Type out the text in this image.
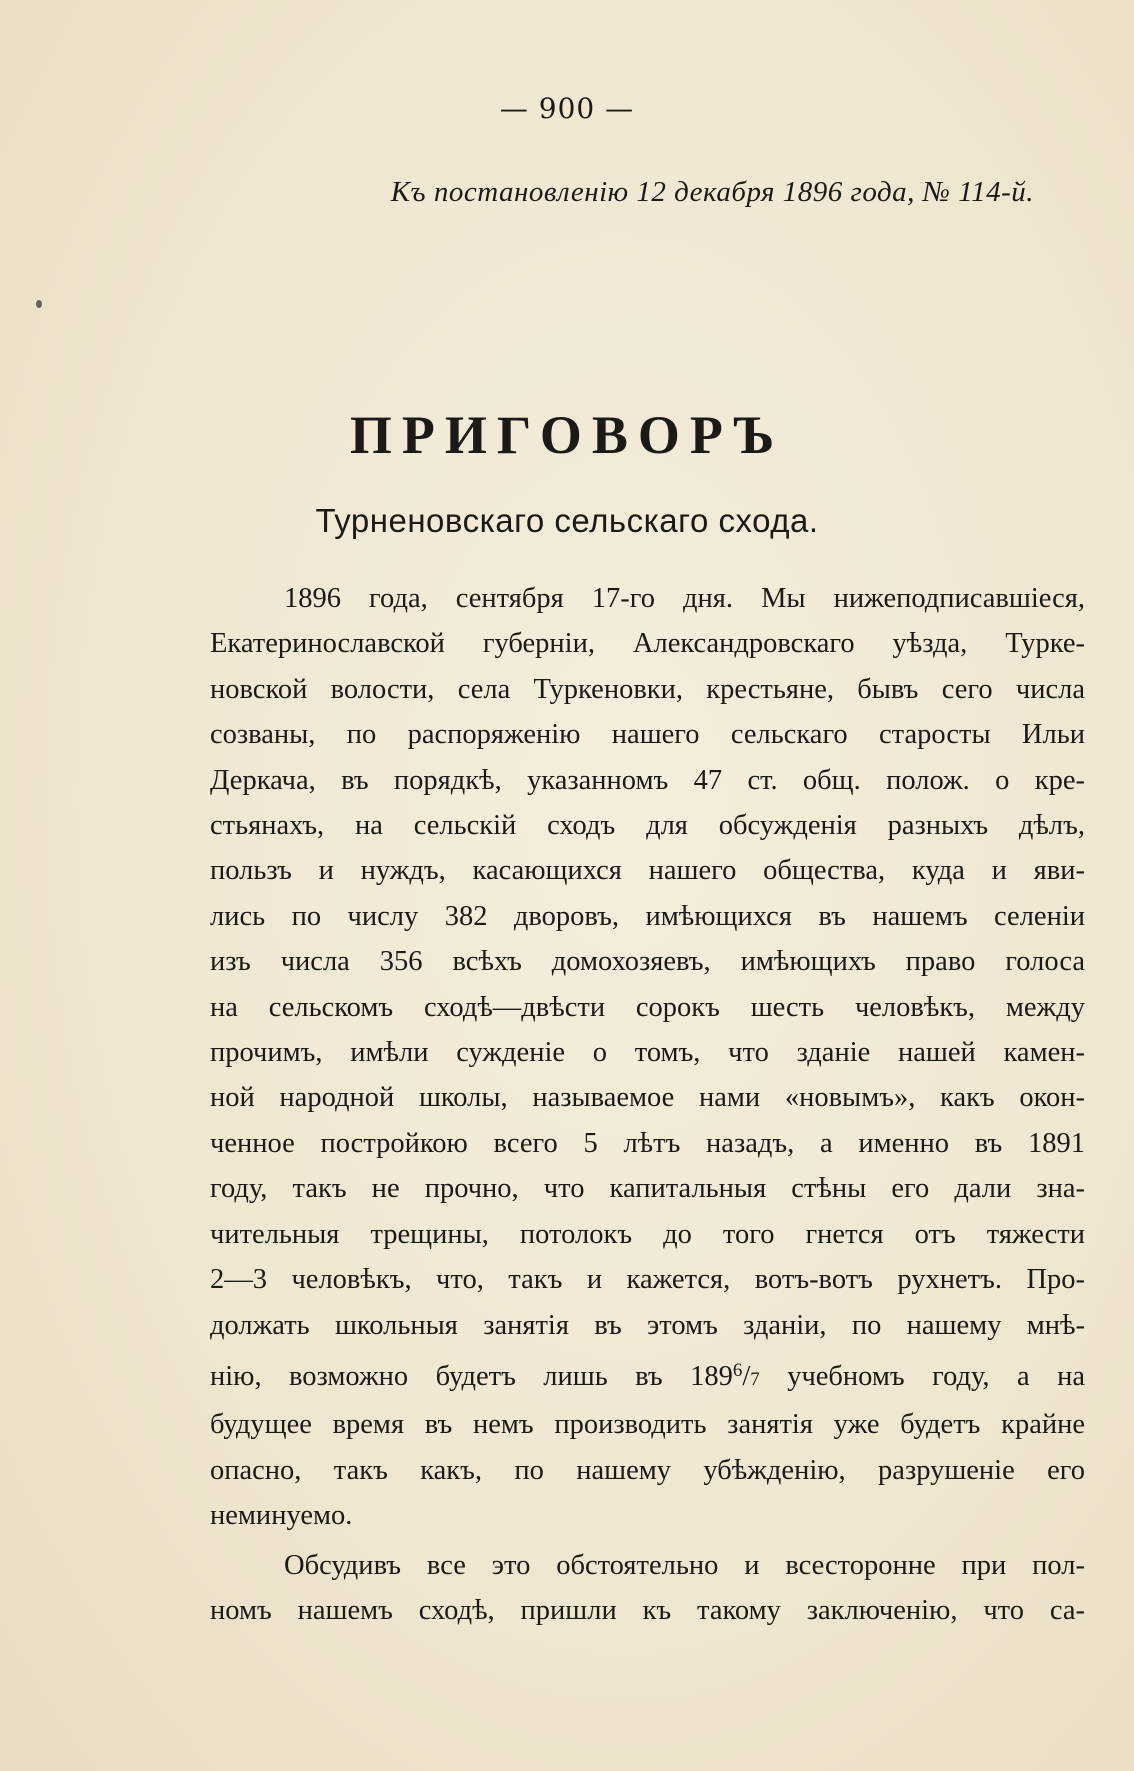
— 900 —
Къ постановленію 12 декабря 1896 года, № 114-й.
ПРИГОВОРЪ
Турненовскаго сельскаго схода.
1896 года, сентября 17-го дня. Мы нижеподписавшіеся,
Екатеринославской губерніи, Александровскаго уѣзда, Турке-
новской волости, села Туркеновки, крестьяне, бывъ сего числа
созваны, по распоряженію нашего сельскаго старосты Ильи
Деркача, въ порядкѣ, указанномъ 47 ст. общ. полож. о кре-
стьянахъ, на сельскій сходъ для обсужденія разныхъ дѣлъ,
пользъ и нуждъ, касающихся нашего общества, куда и яви-
лись по числу 382 дворовъ, имѣющихся въ нашемъ селеніи
изъ числа 356 всѣхъ домохозяевъ, имѣющихъ право голоса
на сельскомъ сходѣ—двѣсти сорокъ шесть человѣкъ, между
прочимъ, имѣли сужденіе о томъ, что зданіе нашей камен-
ной народной школы, называемое нами «новымъ», какъ окон-
ченное постройкою всего 5 лѣтъ назадъ, а именно въ 1891
году, такъ не прочно, что капитальныя стѣны его дали зна-
чительныя трещины, потолокъ до того гнется отъ тяжести
2—3 человѣкъ, что, такъ и кажется, вотъ-вотъ рухнетъ. Про-
должать школьныя занятія въ этомъ зданіи, по нашему мнѣ-
нію, возможно будетъ лишь въ $189^6/7$ учебномъ году, а на
будущее время въ немъ производить занятія уже будетъ крайне
опасно, такъ какъ, по нашему убѣжденію, разрушеніе его
неминуемо.
Обсудивъ все это обстоятельно и всесторонне при пол-
номъ нашемъ сходѣ, пришли къ такому заключенію, что са-
